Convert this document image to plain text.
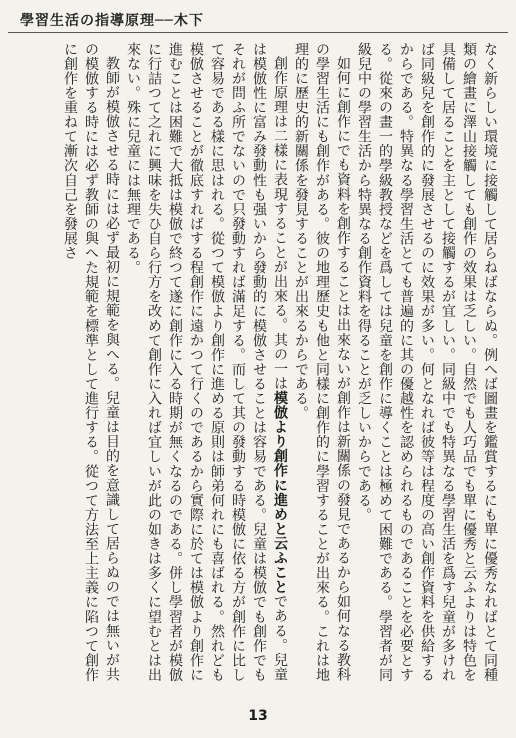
學習生活の指導原理──木下

なく新らしい環境に接觸して居らねばならぬ。例へば圖畫を鑑賞するにも單に優秀なればとて同種類の繪畫に澤山接觸しても創作の效果は乏しい。自然でも人巧品でも單に優秀と云ふよりは特色を具備して居ることを主として接觸するが宜しい。同級中でも特異なる學習生活を爲す兒童が多ければ同級兒を創作的に發展させるのに效果が多い。何となれば彼等は程度の高い創作資料を供給するからである。特異なる學習生活とても普遍的に其の優越性を認められるものであることを必要とする。從來の畫一的學級教授などを爲しては兒童を創作に導くことは極めて困難である。學習者が同級兒中の學習生活から特異なる創作資料を得ることが乏しいからである。

如何に創作にでも資料を創作することは出來ないが創作は新關係の發見であるから如何なる教科の學習生活にも創作がある。彼の地理歷史も他と同樣に創作的に學習することが出來る。これは地理的に歷史的新關係を發見することが出來るからである。

創作原理は二樣に表現することが出來る。其の一は模倣より創作に進めと云ふことである。兒童は模倣性に富み發動性も强いから發動的に模倣させることは容易である。兒童は模倣でも創作でもそれが問ふ所でないので只發動すれば滿足する。而して其の發動する時模倣に依る方が創作に比して容易である樣に思はれる。從つて模倣より創作に進める原則は師弟何れにも喜ばれる。然れども模倣させることが徹底すればする程創作に遠かつて行くのであるから實際に於ては模倣より創作に進むことは困難で大抵は模倣で終つて遂に創作に入る時期が無くなるのである。併し學習者が模倣に行詰つて之れに興味を失ひ自ら行方を改めて創作に入れば宜しいが此の如きは多くに望むとは出來ない。殊に兒童には無理である。

教師が模倣させる時には必ず最初に規範を與へる。兒童は目的を意識して居らぬのでは無いが共の模倣する時には必ず教師の與へた規範を標準として進行する。從つて方法至上主義に陷つて創作に創作を重ねて漸次自己を發展さ

13
